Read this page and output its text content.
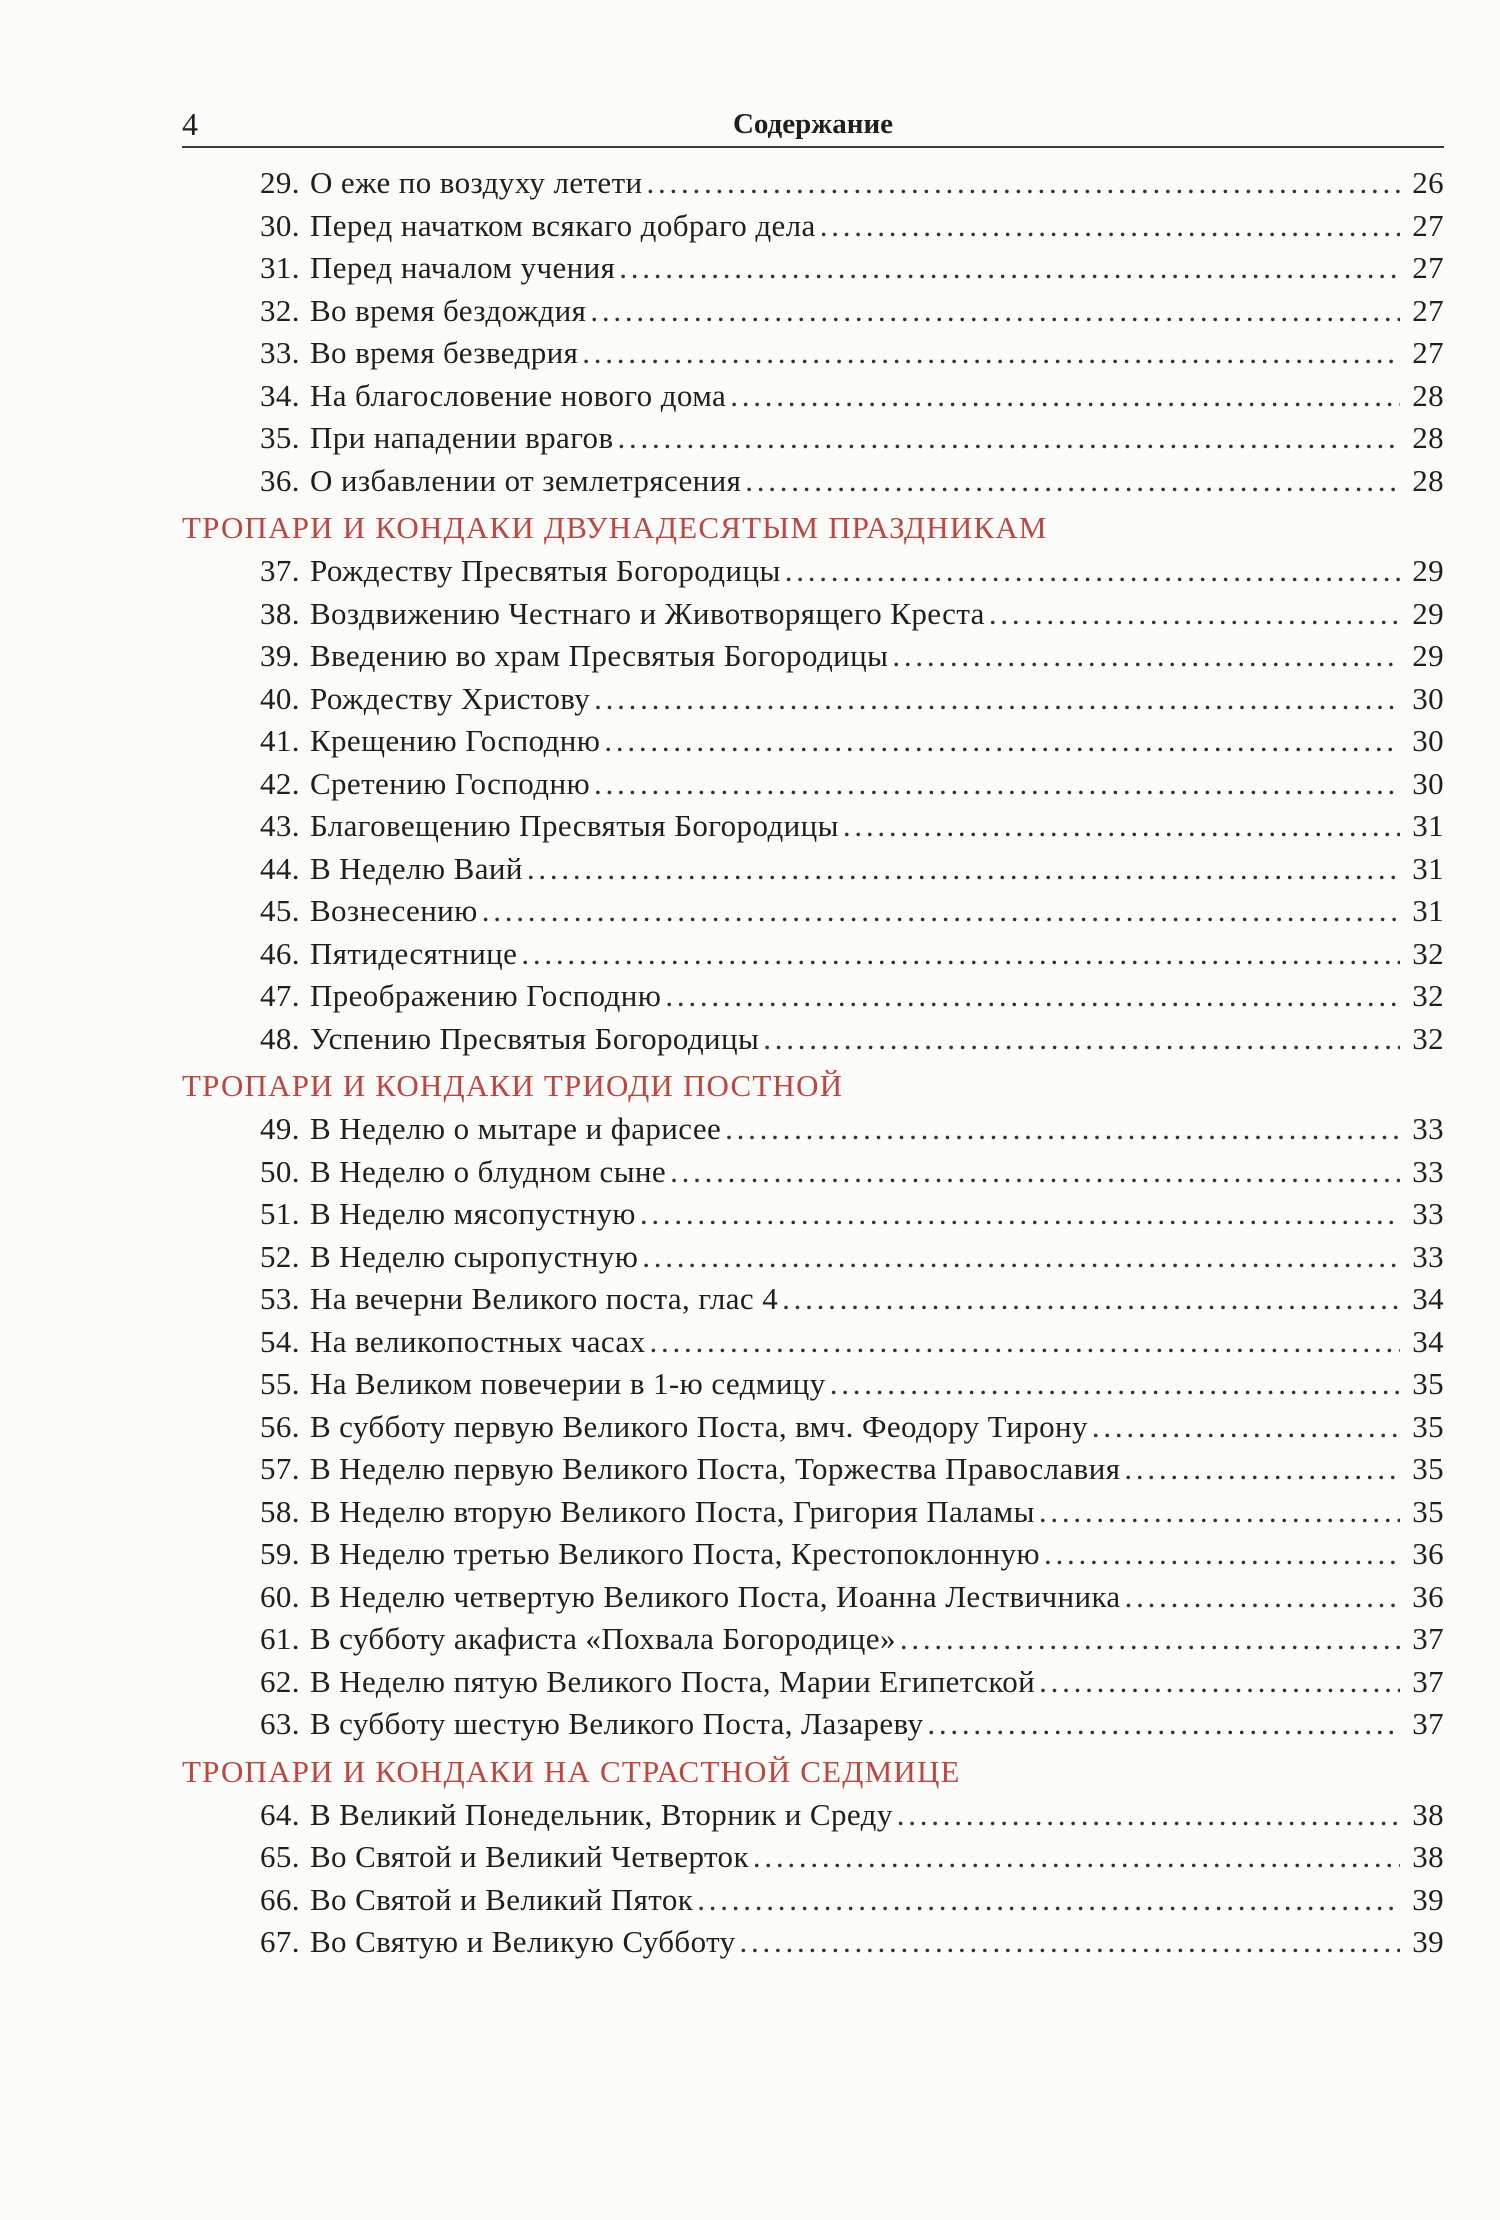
4	Содержание
29. О еже по воздуху летети . . .	26
30. Перед начатком всякаго добраго дела . . .	27
31. Перед началом учения . . .	27
32. Во время бездождия . . .	27
33. Во время безведрия . . .	27
34. На благословение нового дома . . .	28
35. При нападении врагов . . .	28
36. О избавлении от землетрясения . . .	28
ТРОПАРИ И КОНДАКИ ДВУНАДЕСЯТЫМ ПРАЗДНИКАМ
37. Рождеству Пресвятыя Богородицы . . .	29
38. Воздвижению Честнаго и Животворящего Креста . . .	29
39. Введению во храм Пресвятыя Богородицы . . .	29
40. Рождеству Христову . . .	30
41. Крещению Господню . . .	30
42. Сретению Господню . . .	30
43. Благовещению Пресвятыя Богородицы . . .	31
44. В Неделю Ваий . . .	31
45. Вознесению . . .	31
46. Пятидесятнице . . .	32
47. Преображению Господню . . .	32
48. Успению Пресвятыя Богородицы . . .	32
ТРОПАРИ И КОНДАКИ ТРИОДИ ПОСТНОЙ
49. В Неделю о мытаре и фарисее . . .	33
50. В Неделю о блудном сыне . . .	33
51. В Неделю мясопустную . . .	33
52. В Неделю сыропустную . . .	33
53. На вечерни Великого поста, глас 4 . . .	34
54. На великопостных часах . . .	34
55. На Великом повечерии в 1-ю седмицу . . .	35
56. В субботу первую Великого Поста, вмч. Феодору Тирону . . .	35
57. В Неделю первую Великого Поста, Торжества Православия . . .	35
58. В Неделю вторую Великого Поста, Григория Паламы . . .	35
59. В Неделю третью Великого Поста, Крестопоклонную . . .	36
60. В Неделю четвертую Великого Поста, Иоанна Лествичника . . .	36
61. В субботу акафиста «Похвала Богородице» . . .	37
62. В Неделю пятую Великого Поста, Марии Египетской . . .	37
63. В субботу шестую Великого Поста, Лазареву . . .	37
ТРОПАРИ И КОНДАКИ НА СТРАСТНОЙ СЕДМИЦЕ
64. В Великий Понедельник, Вторник и Среду . . .	38
65. Во Святой и Великий Четверток . . .	38
66. Во Святой и Великий Пяток . . .	39
67. Во Святую и Великую Субботу . . .	39
